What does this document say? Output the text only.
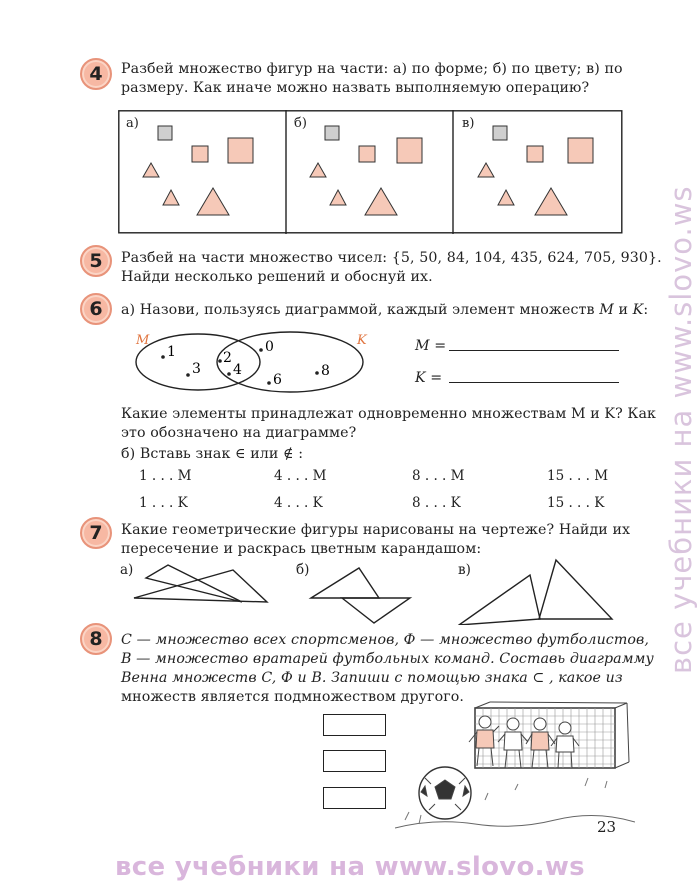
все учебники на www.slovo.ws
4	Разбей множество фигур на части: а) по форме; б) по цвету; в) по
размеру. Как иначе можно назвать выполняемую операцию?
а)	б)	в)
5	Разбей на части множество чисел: {5, 50, 84, 104, 435, 624, 705, 930}.
Найди несколько решений и обоснуй их.
6	а) Назови, пользуясь диаграммой, каждый элемент множеств M и K:
1
3
2
4
0
6
8
M	K	M =
K =
Какие элементы принадлежат одновременно множествам M и K? Как
это обозначено на диаграмме?
б) Вставь знак ∈ или ∉ :
1 . . . M	4 . . . M	8 . . . M	15 . . . M
1 . . . K	4 . . . K	8 . . . K	15 . . . K
7	Какие геометрические фигуры нарисованы на чертеже? Найди их
пересечение и раскрась цветным карандашом:
а)	б)	в)
8	C — множество всех спортсменов, Ф — множество футболистов,
B — множество вратарей футбольных команд. Составь диаграмму
Венна множеств C, Ф и B. Запиши с помощью знака ⊂ , какое из
множеств является подмножеством другого.
23
все учебники на www.slovo.ws
